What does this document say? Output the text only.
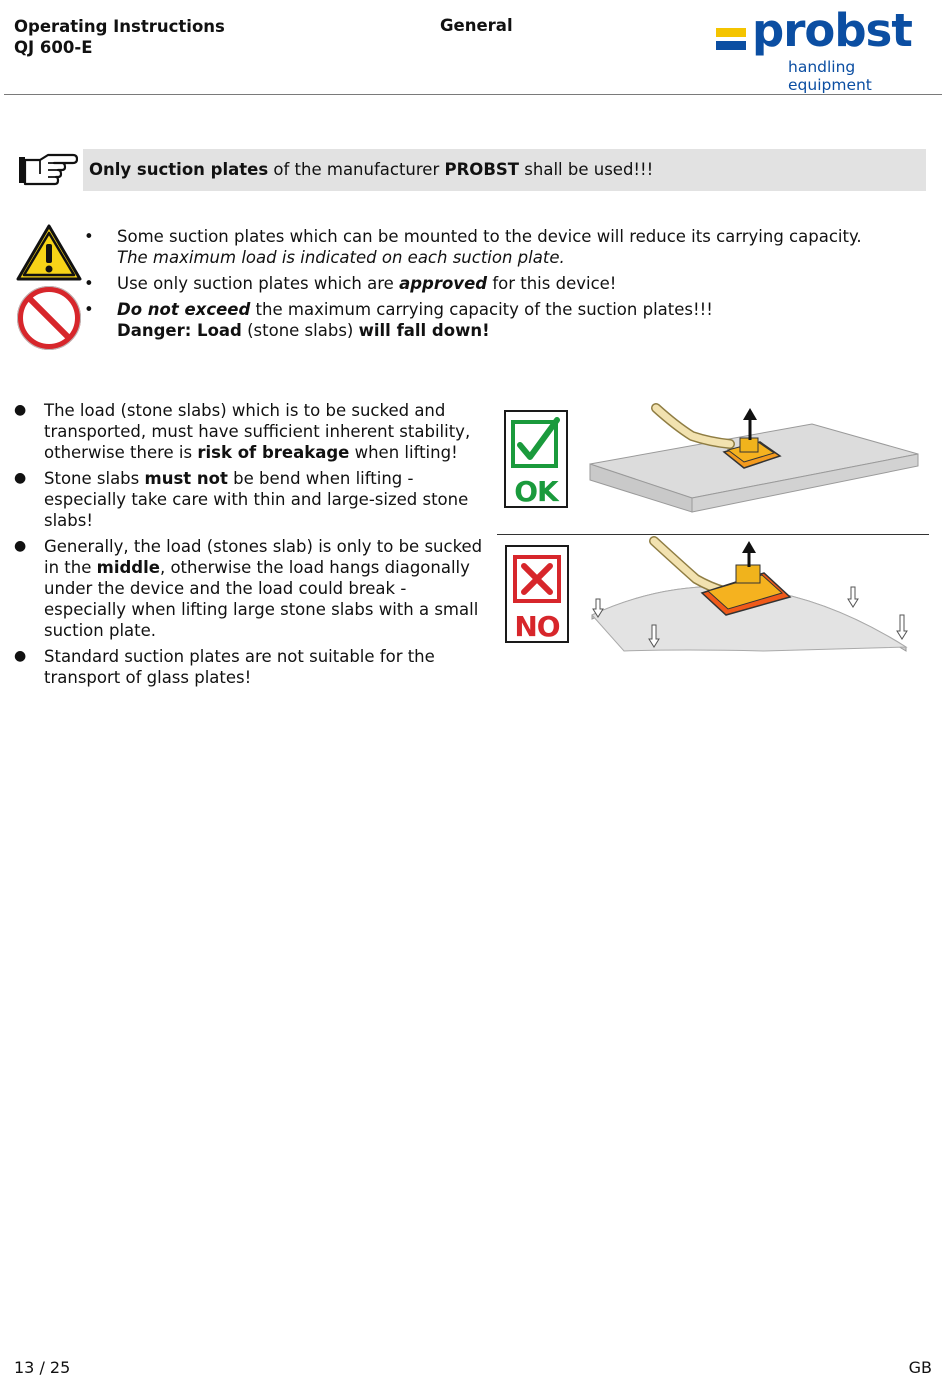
Operating Instructions
QJ 600-E
General	probst
handling equipment
Only suction plates of the manufacturer PROBST shall be used!!!
• Some suction plates which can be mounted to the device will reduce its carrying capacity.
The maximum load is indicated on each suction plate.
• Use only suction plates which are approved for this device!
• Do not exceed the maximum carrying capacity of the suction plates!!!
Danger: Load (stone slabs) will fall down!
● The load (stone slabs) which is to be sucked and transported, must have sufficient inherent stability, otherwise there is risk of breakage when lifting!
● Stone slabs must not be bend when lifting - especially take care with thin and large-sized stone slabs!
● Generally, the load (stones slab) is only to be sucked in the middle, otherwise the load hangs diagonally under the device and the load could break - especially when lifting large stone slabs with a small suction plate.
● Standard suction plates are not suitable for the transport of glass plates!
OK
NO
13 / 25	GB
